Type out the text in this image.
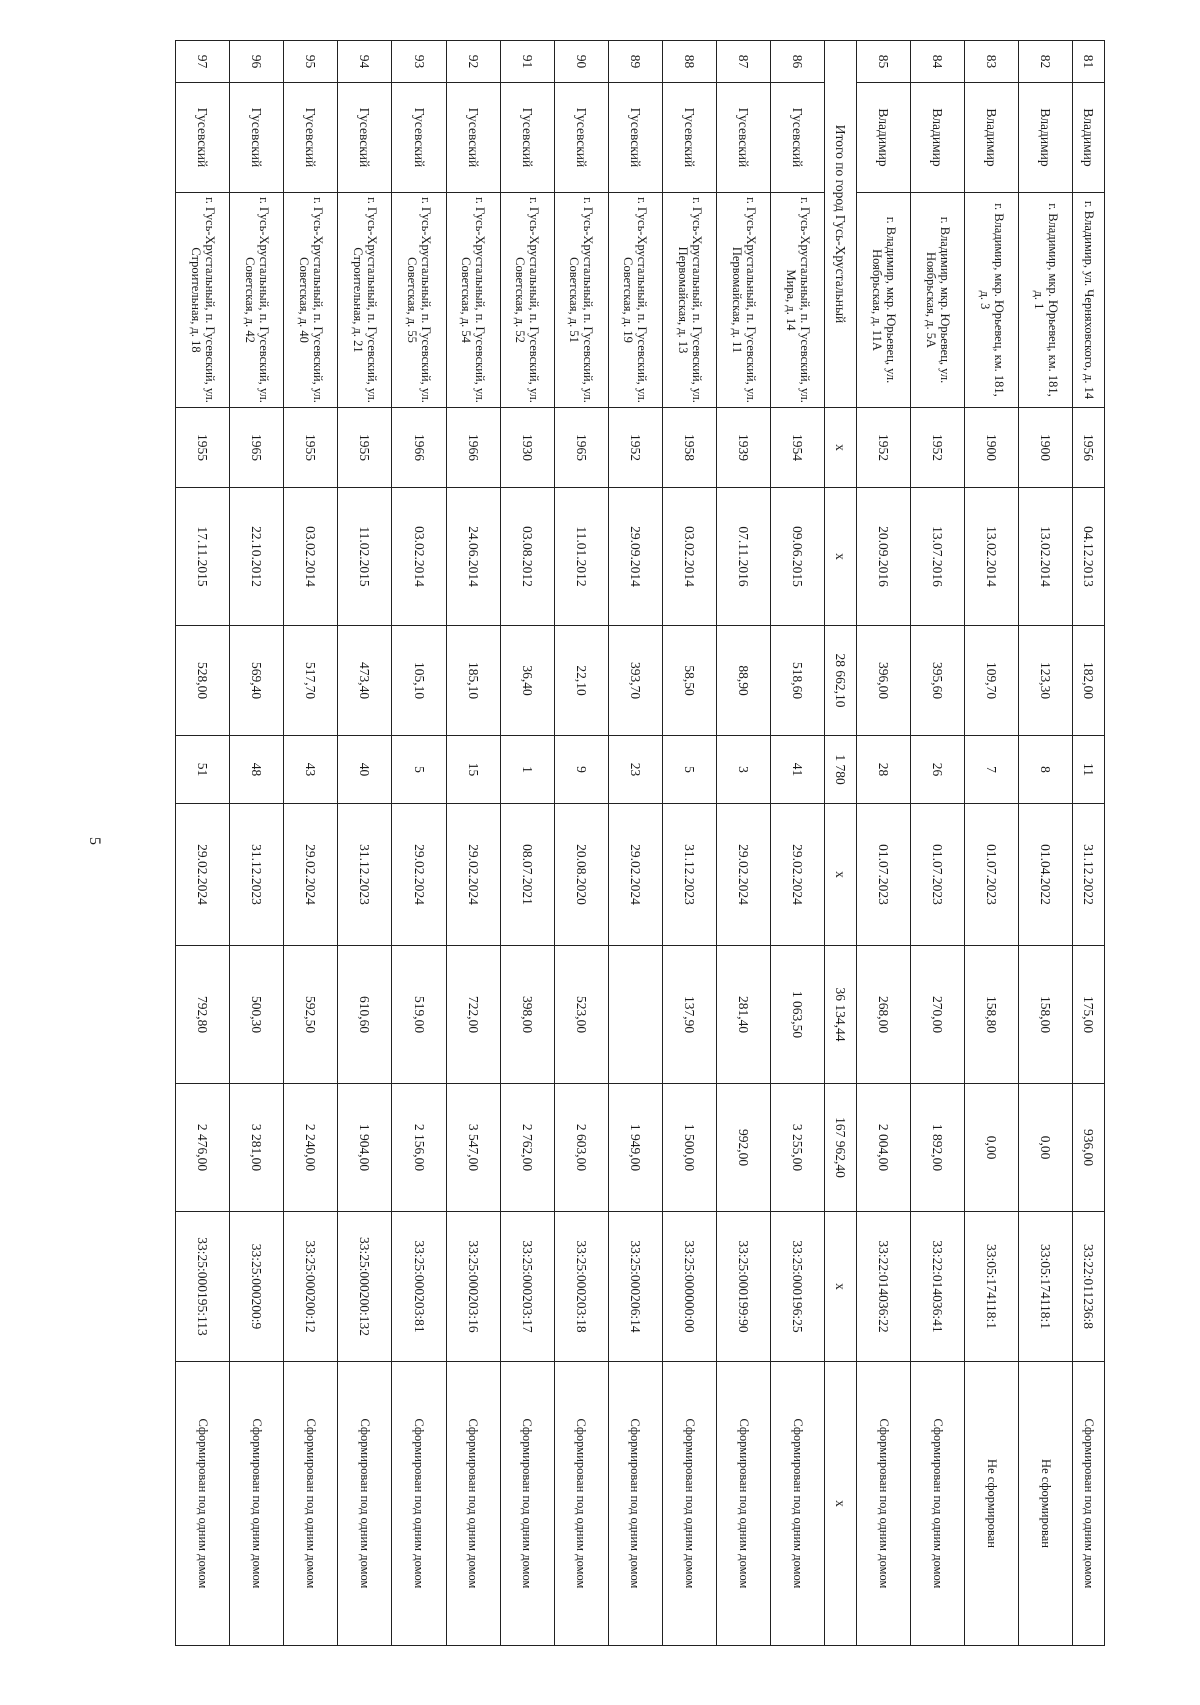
5
81	Владимир	г. Владимир, ул. Черняховского, д. 14	1956	04.12.2013	182,00	11	31.12.2022	175,00	936,00	33:22:011236:8	Сформирован под одним домом
82	Владимир	г. Владимир, мкр. Юрьевец, км. 181, д. 1	1900	13.02.2014	123,30	8	01.04.2022	158,00	0,00	33:05:174118:1	Не сформирован
83	Владимир	г. Владимир, мкр. Юрьевец, км. 181, д. 3	1900	13.02.2014	109,70	7	01.07.2023	158,80	0,00	33:05:174118:1	Не сформирован
84	Владимир	г. Владимир, мкр. Юрьевец, ул. Ноябрьская, д. 5А	1952	13.07.2016	395,60	26	01.07.2023	270,00	1 892,00	33:22:014036:41	Сформирован под одним домом
85	Владимир	г. Владимир, мкр. Юрьевец, ул. Ноябрьская, д. 11А	1952	20.09.2016	396,00	28	01.07.2023	268,00	2 004,00	33:22:014036:22	Сформирован под одним домом
Итого по город Гусь-Хрустальный			x	x	28 662,10	1 780	x	36 134,44	167 962,40	x	x
86	Гусевский	г. Гусь-Хрустальный, п. Гусевский, ул. Мира, д. 14	1954	09.06.2015	518,60	41	29.02.2024	1 063,50	3 255,00	33:25:000196:25	Сформирован под одним домом
87	Гусевский	г. Гусь-Хрустальный, п. Гусевский, ул. Первомайская, д. 11	1939	07.11.2016	88,90	3	29.02.2024	281,40	992,00	33:25:000199:90	Сформирован под одним домом
88	Гусевский	г. Гусь-Хрустальный, п. Гусевский, ул. Первомайская, д. 13	1958	03.02.2014	58,50	5	31.12.2023	137,90	1 500,00	33:25:000000:00	Сформирован под одним домом
89	Гусевский	г. Гусь-Хрустальный, п. Гусевский, ул. Советская, д. 19	1952	29.09.2014	393,70	23	29.02.2024		1 949,00	33:25:000206:14	Сформирован под одним домом
90	Гусевский	г. Гусь-Хрустальный, п. Гусевский, ул. Советская, д. 51	1965	11.01.2012	22,10	9	20.08.2020	523,00	2 603,00	33:25:000203:18	Сформирован под одним домом
91	Гусевский	г. Гусь-Хрустальный, п. Гусевский, ул. Советская, д. 52	1930	03.08.2012	36,40	1	08.07.2021	398,00	2 762,00	33:25:000203:17	Сформирован под одним домом
92	Гусевский	г. Гусь-Хрустальный, п. Гусевский, ул. Советская, д. 54	1966	24.06.2014	185,10	15	29.02.2024	722,00	3 547,00	33:25:000203:16	Сформирован под одним домом
93	Гусевский	г. Гусь-Хрустальный, п. Гусевский, ул. Советская, д. 55	1966	03.02.2014	105,10	5	29.02.2024	519,00	2 156,00	33:25:000203:81	Сформирован под одним домом
94	Гусевский	г. Гусь-Хрустальный, п. Гусевский, ул. Строительная, д. 21	1955	11.02.2015	473,40	40	31.12.2023	610,60	1 904,00	33:25:000200:132	Сформирован под одним домом
95	Гусевский	г. Гусь-Хрустальный, п. Гусевский, ул. Советская, д. 40	1955	03.02.2014	517,70	43	29.02.2024	592,50	2 240,00	33:25:000200:12	Сформирован под одним домом
96	Гусевский	г. Гусь-Хрустальный, п. Гусевский, ул. Советская, д. 42	1965	22.10.2012	569,40	48	31.12.2023	500,30	3 281,00	33:25:000200:9	Сформирован под одним домом
97	Гусевский	г. Гусь-Хрустальный, п. Гусевский, ул. Строительная, д. 18	1955	17.11.2015	528,00	51	29.02.2024	792,80	2 476,00	33:25:000195:113	Сформирован под одним домом
